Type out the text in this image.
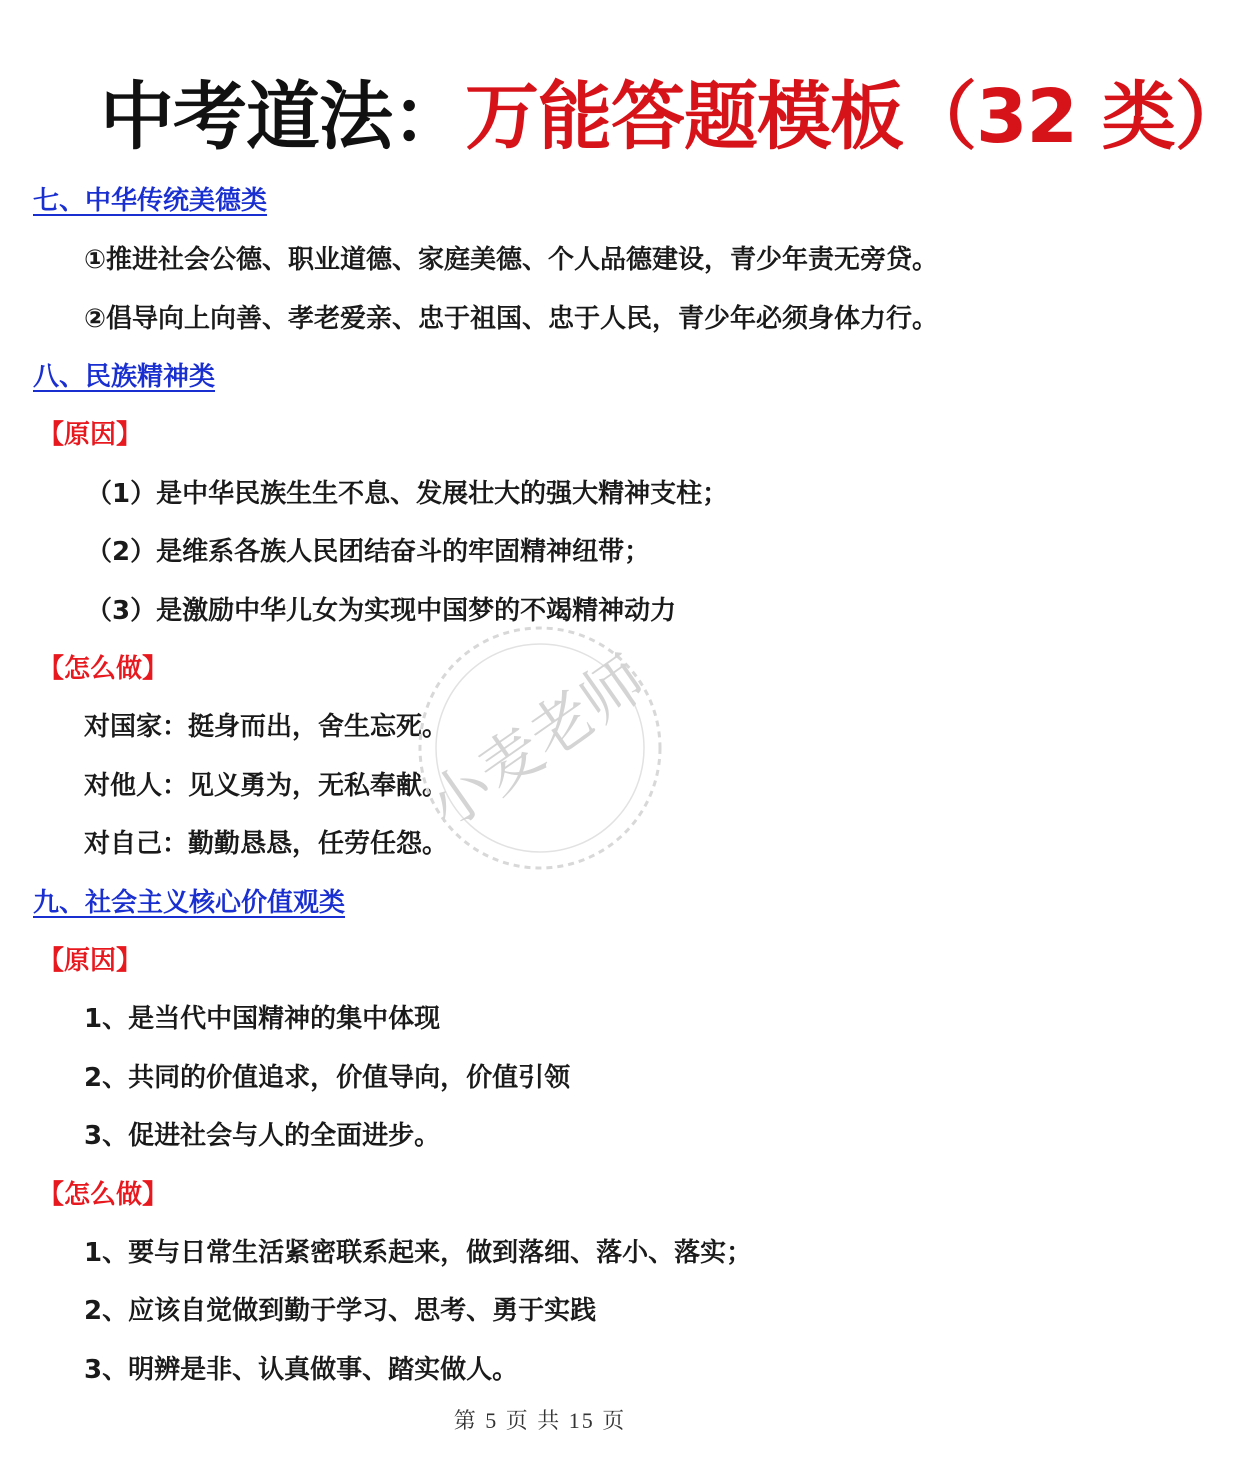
中考道法：万能答题模板（32 类）
七、中华传统美德类
①推进社会公德、职业道德、家庭美德、个人品德建设，青少年责无旁贷。
②倡导向上向善、孝老爱亲、忠于祖国、忠于人民，青少年必须身体力行。
八、民族精神类
【原因】
（1）是中华民族生生不息、发展壮大的强大精神支柱；
（2）是维系各族人民团结奋斗的牢固精神纽带；
（3）是激励中华儿女为实现中国梦的不竭精神动力
【怎么做】
对国家：挺身而出，舍生忘死。
对他人：见义勇为，无私奉献。
对自己：勤勤恳恳，任劳任怨。
九、社会主义核心价值观类
【原因】
1、是当代中国精神的集中体现
2、共同的价值追求，价值导向，价值引领
3、促进社会与人的全面进步。
【怎么做】
1、要与日常生活紧密联系起来，做到落细、落小、落实；
2、应该自觉做到勤于学习、思考、勇于实践
3、明辨是非、认真做事、踏实做人。
小麦老师
第 5 页 共 15 页
